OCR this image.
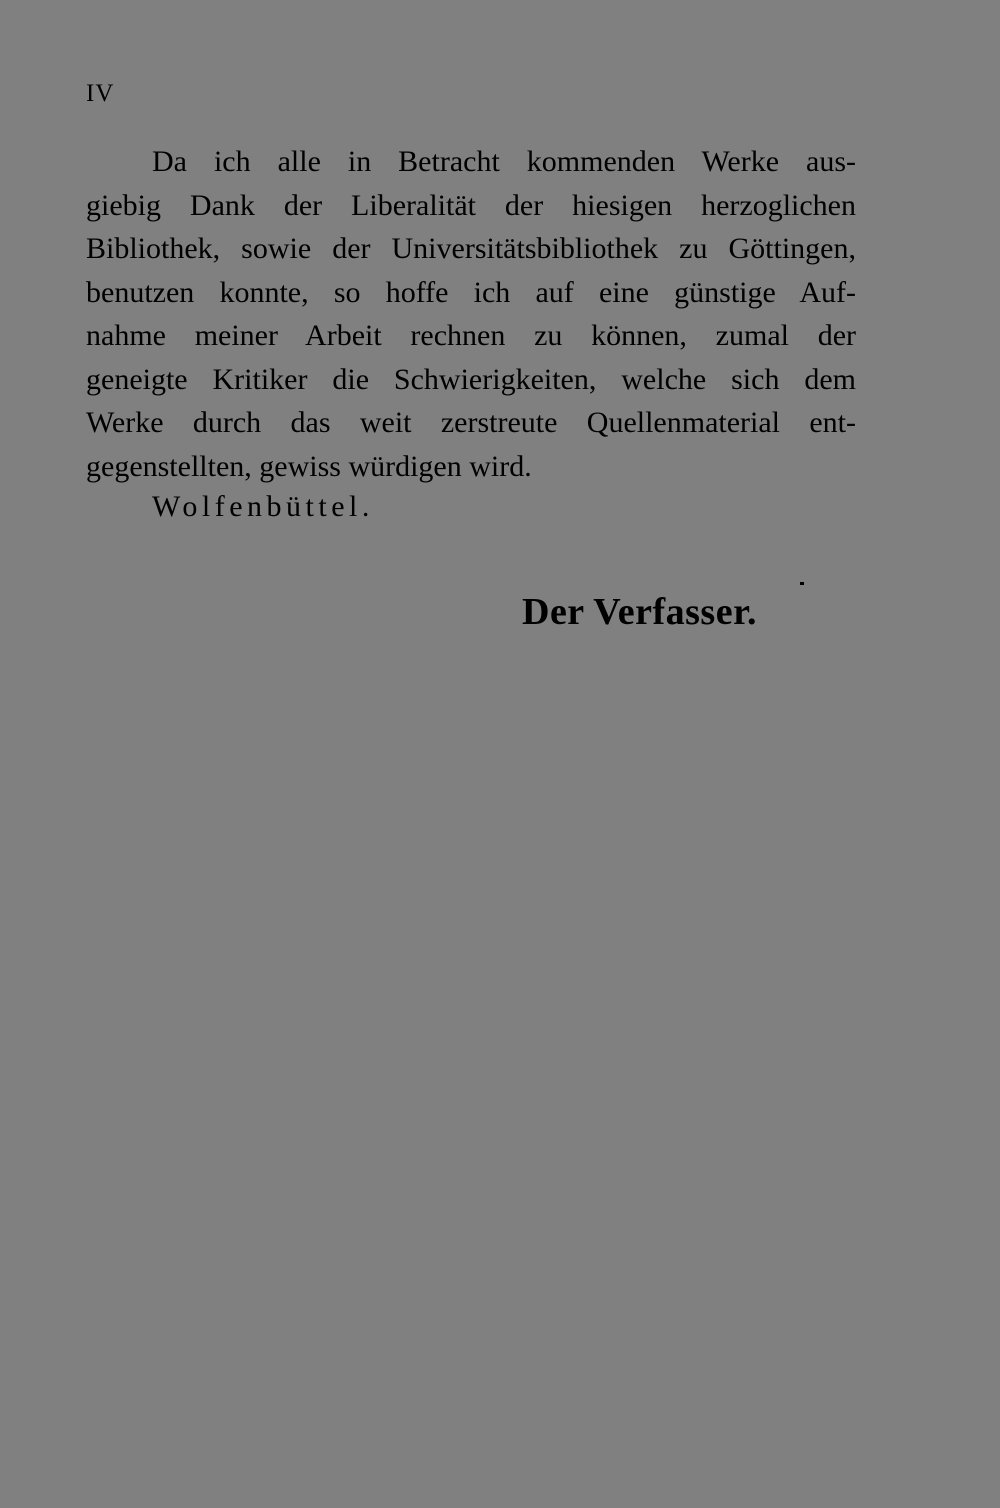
IV

Da ich alle in Betracht kommenden Werke aus-
giebig Dank der Liberalität der hiesigen herzoglichen
Bibliothek, sowie der Universitätsbibliothek zu Göttingen,
benutzen konnte, so hoffe ich auf eine günstige Auf-
nahme meiner Arbeit rechnen zu können, zumal der
geneigte Kritiker die Schwierigkeiten, welche sich dem
Werke durch das weit zerstreute Quellenmaterial ent-
gegenstellten, gewiss würdigen wird.

Wolfenbüttel.
Der Verfasser.
